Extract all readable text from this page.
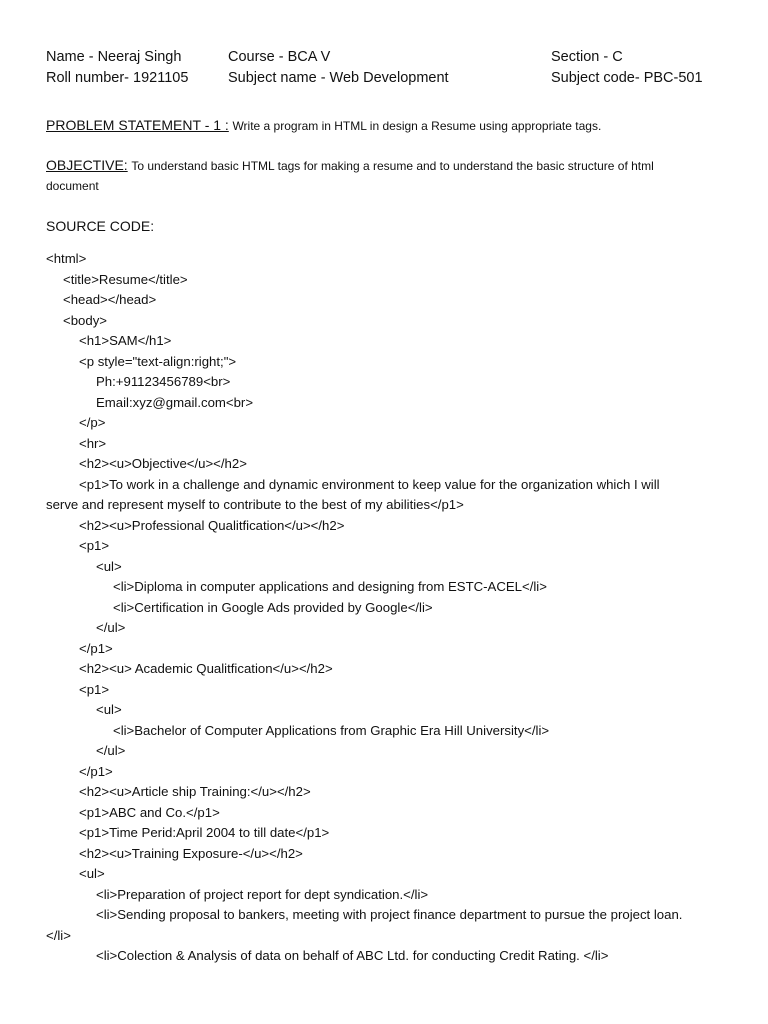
Name - Neeraj Singh
Roll number- 1921105
Course - BCA V
Subject name - Web Development
Section - C
Subject code- PBC-501
PROBLEM STATEMENT - 1 : Write a program in HTML in design a Resume using appropriate tags.
OBJECTIVE: To understand basic HTML tags for making a resume and to understand the basic structure of html
document
SOURCE CODE:
<html>
<title>Resume</title>
<head></head>
<body>
<h1>SAM</h1>
<p style="text-align:right;">
Ph:+91123456789<br>
Email:xyz@gmail.com<br>
</p>
<hr>
<h2><u>Objective</u></h2>
<p1>To work in a challenge and dynamic environment to keep value for the organization which I will
serve and represent myself to contribute to the best of my abilities</p1>
<h2><u>Professional Qualitfication</u></h2>
<p1>
<ul>
<li>Diploma in computer applications and designing from ESTC-ACEL</li>
<li>Certification in Google Ads provided by Google</li>
</ul>
</p1>
<h2><u> Academic Qualitfication</u></h2>
<p1>
<ul>
<li>Bachelor of Computer Applications from Graphic Era Hill University</li>
</ul>
</p1>
<h2><u>Article ship Training:</u></h2>
<p1>ABC and Co.</p1>
<p1>Time Perid:April 2004 to till date</p1>
<h2><u>Training Exposure-</u></h2>
<ul>
<li>Preparation of project report for dept syndication.</li>
<li>Sending proposal to bankers, meeting with project finance department to pursue the project loan.
</li>
<li>Colection & Analysis of data on behalf of ABC Ltd. for conducting Credit Rating. </li>
